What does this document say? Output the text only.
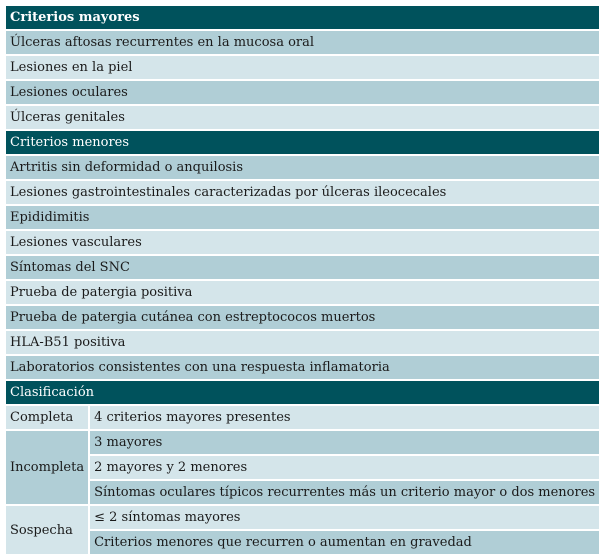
Criterios mayores
Úlceras aftosas recurrentes en la mucosa oral
Lesiones en la piel
Lesiones oculares
Úlceras genitales
Criterios menores
Artritis sin deformidad o anquilosis
Lesiones gastrointestinales caracterizadas por úlceras ileocecales
Epididimitis
Lesiones vasculares
Síntomas del SNC
Prueba de patergia positiva
Prueba de patergia cutánea con estreptococos muertos
HLA-B51 positiva
Laboratorios consistentes con una respuesta inflamatoria
Clasificación
Completa	4 criterios mayores presentes
Incompleta	3 mayores
2 mayores y 2 menores
Síntomas oculares típicos recurrentes más un criterio mayor o dos menores
Sospecha	≤ 2 síntomas mayores
Criterios menores que recurren o aumentan en gravedad
